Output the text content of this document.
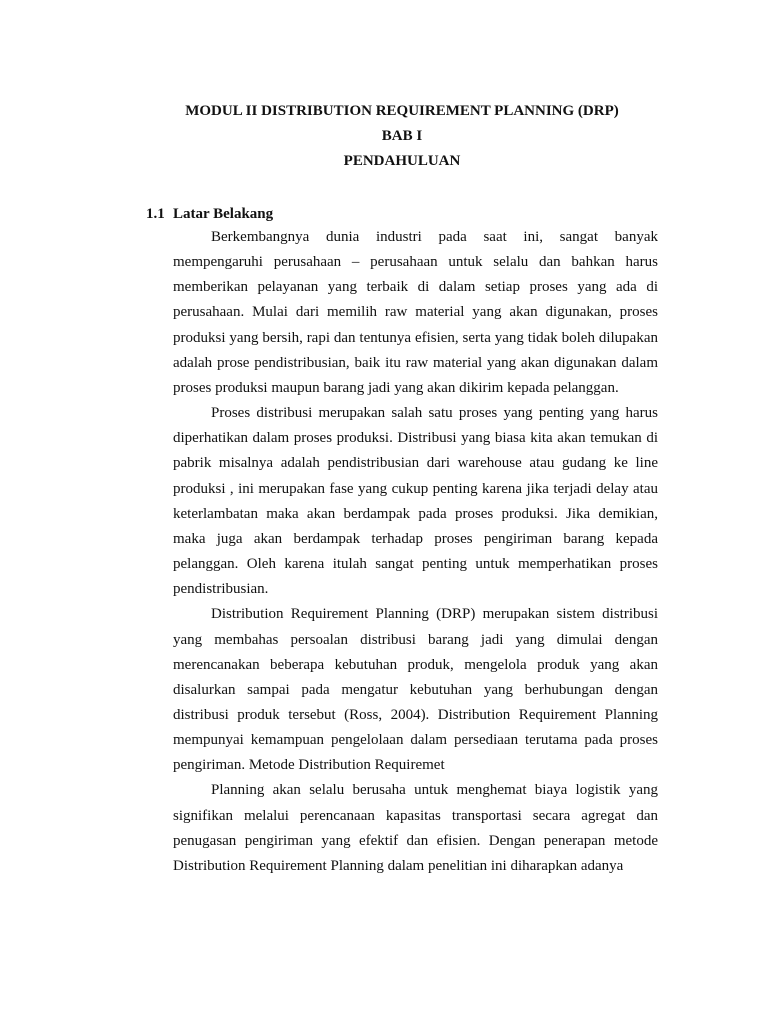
MODUL II DISTRIBUTION REQUIREMENT PLANNING (DRP)
BAB I
PENDAHULUAN
1.1 Latar Belakang

Berkembangnya dunia industri pada saat ini, sangat banyak mempengaruhi perusahaan – perusahaan untuk selalu dan bahkan harus memberikan pelayanan yang terbaik di dalam setiap proses yang ada di perusahaan. Mulai dari memilih raw material yang akan digunakan, proses produksi yang bersih, rapi dan tentunya efisien, serta yang tidak boleh dilupakan adalah prose pendistribusian, baik itu raw material yang akan digunakan dalam proses produksi maupun barang jadi yang akan dikirim kepada pelanggan.

Proses distribusi merupakan salah satu proses yang penting yang harus diperhatikan dalam proses produksi. Distribusi yang biasa kita akan temukan di pabrik misalnya adalah pendistribusian dari warehouse atau gudang ke line produksi , ini merupakan fase yang cukup penting karena jika terjadi delay atau keterlambatan maka akan berdampak pada proses produksi. Jika demikian, maka juga akan berdampak terhadap proses pengiriman barang kepada pelanggan. Oleh karena itulah sangat penting untuk memperhatikan proses pendistribusian.

Distribution Requirement Planning (DRP) merupakan sistem distribusi yang membahas persoalan distribusi barang jadi yang dimulai dengan merencanakan beberapa kebutuhan produk, mengelola produk yang akan disalurkan sampai pada mengatur kebutuhan yang berhubungan dengan distribusi produk tersebut (Ross, 2004). Distribution Requirement Planning mempunyai kemampuan pengelolaan dalam persediaan terutama pada proses pengiriman. Metode Distribution Requiremet

Planning akan selalu berusaha untuk menghemat biaya logistik yang signifikan melalui perencanaan kapasitas transportasi secara agregat dan penugasan pengiriman yang efektif dan efisien. Dengan penerapan metode Distribution Requirement Planning dalam penelitian ini diharapkan adanya
